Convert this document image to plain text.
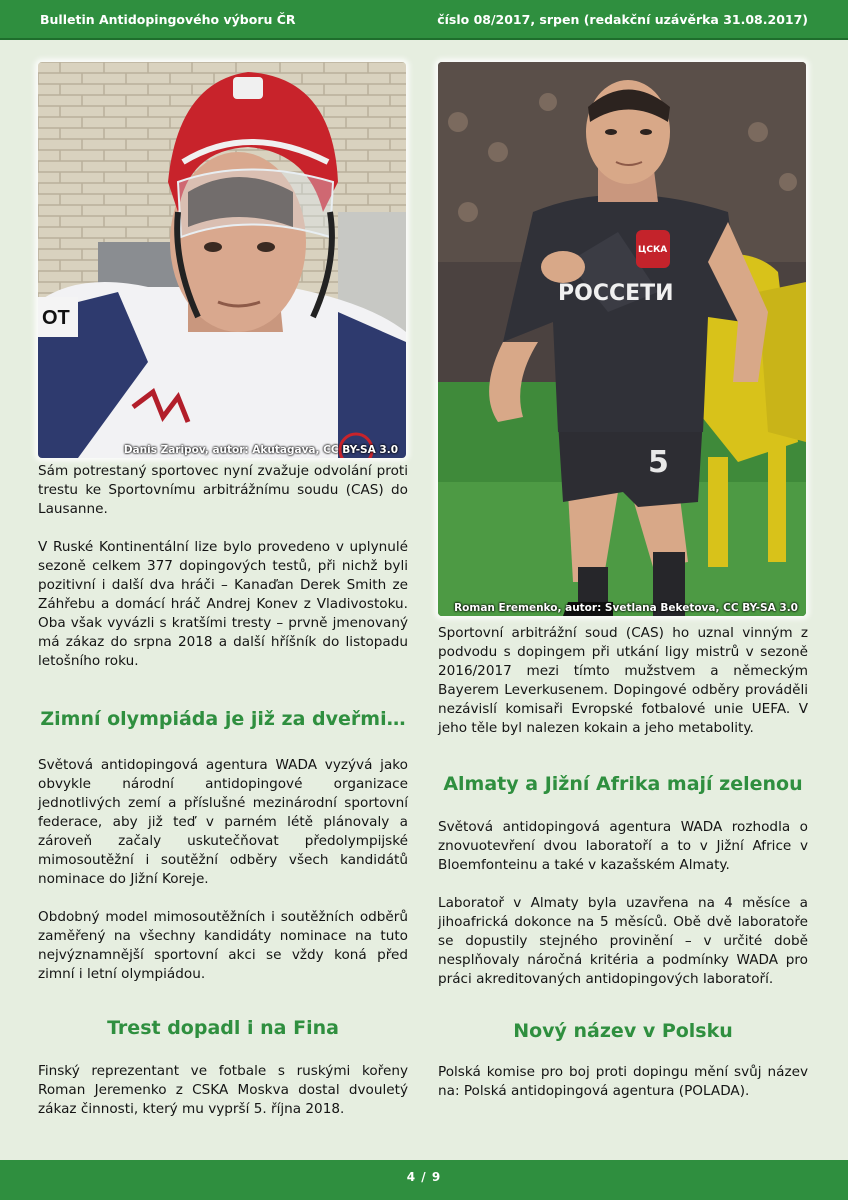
Bulletin Antidopingového výboru ČR	číslo 08/2017, srpen (redakční uzávěrka 31.08.2017)
OT
Danis Zaripov, autor: Akutagava, CC BY-SA 3.0

Sám potrestaný sportovec nyní zvažuje odvolání proti trestu ke Sportovnímu arbitrážnímu soudu (CAS) do Lausanne.

V Ruské Kontinentální lize bylo provedeno v uplynulé sezoně celkem 377 dopingových testů, při nichž byli pozitivní i další dva hráči – Kanaďan Derek Smith ze Záhřebu a domácí hráč Andrej Konev z Vladivostoku. Oba však vyvázli s kratšími tresty – prvně jmenovaný má zákaz do srpna 2018 a další hříšník do listopadu letošního roku.

Zimní olympiáda je již za dveřmi…

Světová antidopingová agentura WADA vyzývá jako obvykle národní antidopingové organizace jednotlivých zemí a příslušné mezinárodní sportovní federace, aby již teď v parném létě plánovaly a zároveň začaly uskutečňovat předolympijské mimosoutěžní i soutěžní odběry všech kandidátů nominace do Jižní Koreje.

Obdobný model mimosoutěžních i soutěžních odběrů zaměřený na všechny kandidáty nominace na tuto nejvýznamnější sportovní akci se vždy koná před zimní i letní olympiádou.

Trest dopadl i na Fina

Finský reprezentant ve fotbale s ruskými kořeny Roman Jeremenko z CSKA Moskva dostal dvouletý zákaz činnosti, který mu vyprší 5. října 2018.

5
РОССЕТИ
ЦСКА
Roman Eremenko, autor: Svetlana Beketova, CC BY-SA 3.0

Sportovní arbitrážní soud (CAS) ho uznal vinným z podvodu s dopingem při utkání ligy mistrů v sezoně 2016/2017 mezi tímto mužstvem a německým Bayerem Leverkusenem. Dopingové odběry prováděli nezávislí komisaři Evropské fotbalové unie UEFA. V jeho těle byl nalezen kokain a jeho metabolity.

Almaty a Jižní Afrika mají zelenou

Světová antidopingová agentura WADA rozhodla o znovuotevření dvou laboratoří a to v Jižní Africe v Bloemfonteinu a také v kazašském Almaty.

Laboratoř v Almaty byla uzavřena na 4 měsíce a jihoafrická dokonce na 5 měsíců. Obě dvě laboratoře se dopustily stejného provinění – v určité době nesplňovaly náročná kritéria a podmínky WADA pro práci akreditovaných antidopingových laboratoří.

Nový název v Polsku

Polská komise pro boj proti dopingu mění svůj název na: Polská antidopingová agentura (POLADA).

4 / 9
